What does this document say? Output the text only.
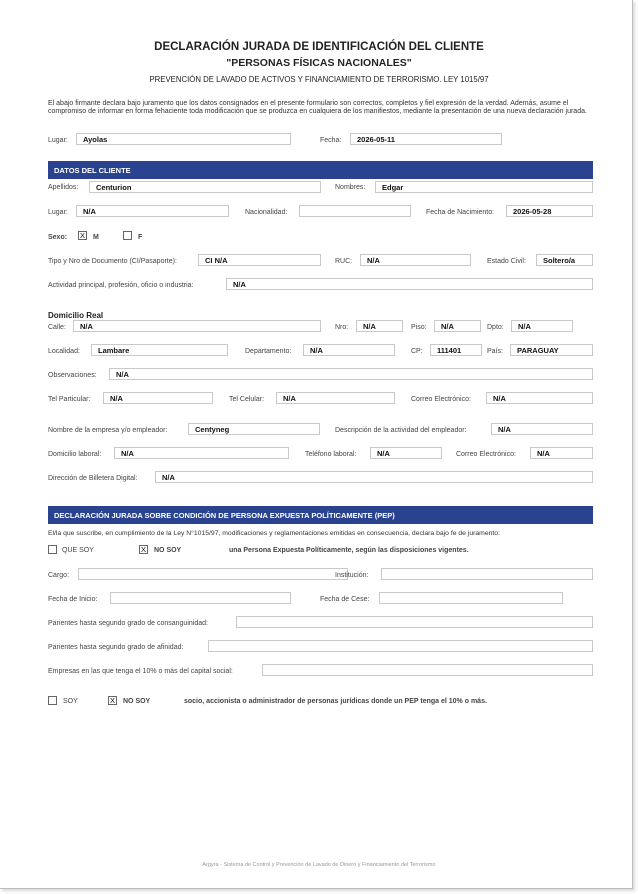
DECLARACIÓN JURADA DE IDENTIFICACIÓN DEL CLIENTE
"PERSONAS FÍSICAS NACIONALES"
PREVENCIÓN DE LAVADO DE ACTIVOS Y FINANCIAMIENTO DE TERRORISMO. LEY 1015/97
El abajo firmante declara bajo juramento que los datos consignados en el presente formulario son correctos, completos y fiel expresión de la verdad. Además, asume el compromiso de informar en forma fehaciente toda modificación que se produzca en cualquiera de los manifiestos, mediante la presentación de una nueva declaración jurada.
Lugar:	Ayolas	Fecha:	2026-05-11
DATOS DEL CLIENTE
Apellidos:	Centurion	Nombres:	Edgar
Lugar:	N/A	Nacionalidad:	Fecha de Nacimiento:	2026-05-28
Sexo: X M	F
Tipo y Nro de Documento (CI/Pasaporte):	CI N/A	RUC:	N/A	Estado Civil:	Soltero/a
Actividad principal, profesión, oficio o industria:	N/A
Domicilio Real
Calle:	N/A	Nro:	N/A	Piso:	N/A	Dpto:	N/A
Localidad:	Lambare	Departamento:	N/A	CP:	111401	País:	PARAGUAY
Observaciones:	N/A
Tel Particular:	N/A	Tel Celular:	N/A	Correo Electrónico:	N/A
Nombre de la empresa y/o empleador:	Centyneg	Descripción de la actividad del empleador:	N/A
Domicilio laboral:	N/A	Teléfono laboral:	N/A	Correo Electrónico:	N/A
Dirección de Billetera Digital:	N/A
DECLARACIÓN JURADA SOBRE CONDICIÓN DE PERSONA EXPUESTA POLÍTICAMENTE (PEP)
El/la que suscribe, en cumplimiento de la Ley N°1015/97, modificaciones y reglamentaciones emitidas en consecuencia, declara bajo fe de juramento:
QUE SOY	X NO SOY	una Persona Expuesta Políticamente, según las disposiciones vigentes.
Cargo:	Institución:
Fecha de Inicio:	Fecha de Cese:
Parientes hasta segundo grado de consanguinidad:
Parientes hasta segundo grado de afinidad:
Empresas en las que tenga el 10% o más del capital social:
SOY	X NO SOY	socio, accionista o administrador de personas jurídicas donde un PEP tenga el 10% o más.
Argyra - Sistema de Control y Prevención de Lavado de Dinero y Financiamiento del Terrorismo
